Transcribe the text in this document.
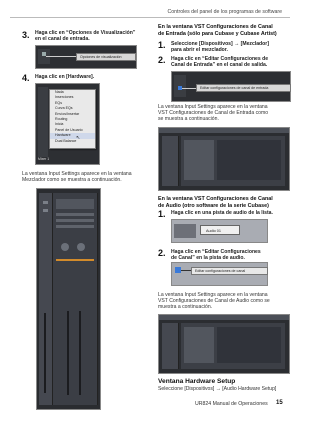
Controles del panel de los programas de software
3. Haga clic en “Opciones de Visualización”
en el canal de entrada.
Opciones de visualización
4. Haga clic en [Hardware].
Nada
Inserciones
EQs
Curva EQs
Envíos/Insertar
Routing
Inicia
Panel de Usuario
Hardware
Dual Balance
Mixer 1
↖
La ventana Input Settings aparece en la ventana
Mezclador como se muestra a continuación.
En la ventana VST Configuraciones de Canal
de Entrada (sólo para Cubase y Cubase Artist)
1. Seleccione [Dispositivos] → [Mezclador]
para abrir el mezclador.
2. Haga clic en “Editar Configuraciones de
Canal de Entrada” en el canal de salida.
Editar configuraciones de canal de entrada
La ventana Input Settings aparece en la ventana
VST Configuraciones de Canal de Entrada como
se muestra a continuación.
En la ventana VST Configuraciones de Canal
de Audio (otro software de la serie Cubase)
1. Haga clic en una pista de audio de la lista.
Audio 01
2. Haga clic en “Editar Configuraciones
de Canal” en la pista de audio.
Editar configuraciones de canal
La ventana Input Settings aparece en la ventana
VST Configuraciones de Canal de Audio como se
muestra a continuación.
Ventana Hardware Setup
Seleccione [Dispositivos] → [Audio Hardware Setup]
UR824 Manual de Operaciones 15
